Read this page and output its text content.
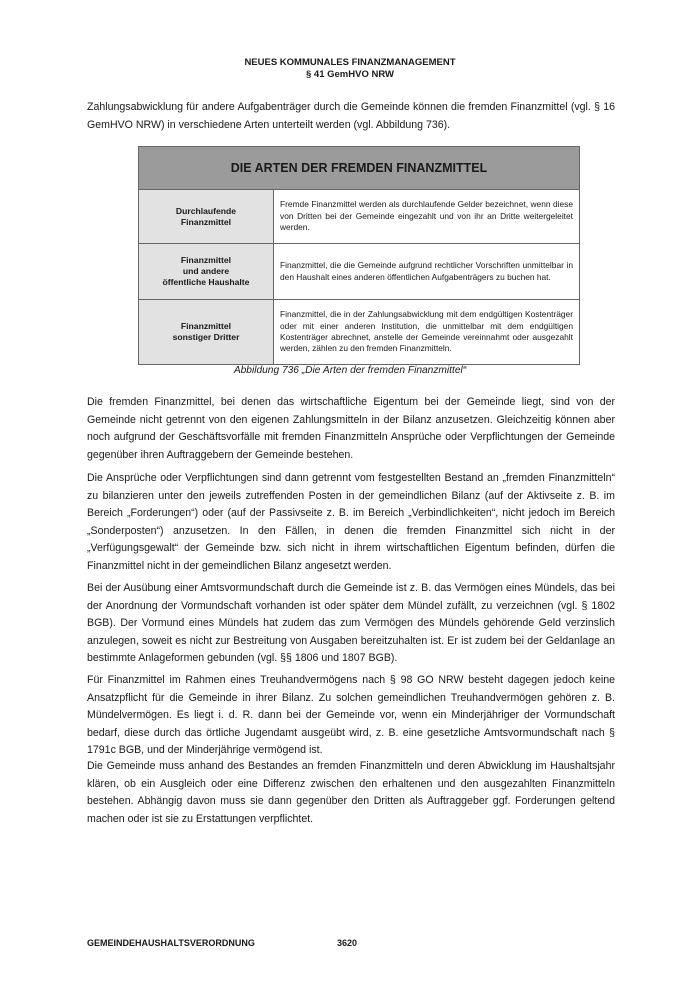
NEUES KOMMUNALES FINANZMANAGEMENT
§ 41 GemHVO NRW

Zahlungsabwicklung für andere Aufgabenträger durch die Gemeinde können die fremden Finanzmittel (vgl. § 16 GemHVO NRW) in verschiedene Arten unterteilt werden (vgl. Abbildung 736).

DIE ARTEN DER FREMDEN FINANZMITTEL	

Durchlaufende
Finanzmittel	Fremde Finanzmittel werden als durchlaufende Gelder bezeichnet, wenn diese von Dritten bei der Gemeinde eingezahlt und von ihr an Dritte weitergeleitet werden.

Finanzmittel
und andere
öffentliche Haushalte	Finanzmittel, die die Gemeinde aufgrund rechtlicher Vorschriften unmittelbar in den Haushalt eines anderen öffentlichen Aufgabenträgers zu buchen hat.

Finanzmittel
sonstiger Dritter	Finanzmittel, die in der Zahlungsabwicklung mit dem endgültigen Kostenträger oder mit einer anderen Institution, die unmittelbar mit dem endgültigen Kostenträger abrechnet, anstelle der Gemeinde vereinnahmt oder ausgezahlt werden, zählen zu den fremden Finanzmitteln.
Abbildung 736 „Die Arten der fremden Finanzmittel“

Die fremden Finanzmittel, bei denen das wirtschaftliche Eigentum bei der Gemeinde liegt, sind von der Gemeinde nicht getrennt von den eigenen Zahlungsmitteln in der Bilanz anzusetzen. Gleichzeitig können aber noch aufgrund der Geschäftsvorfälle mit fremden Finanzmitteln Ansprüche oder Verpflichtungen der Gemeinde gegenüber ihren Auftraggebern der Gemeinde bestehen.

Die Ansprüche oder Verpflichtungen sind dann getrennt vom festgestellten Bestand an „fremden Finanzmitteln“ zu bilanzieren unter den jeweils zutreffenden Posten in der gemeindlichen Bilanz (auf der Aktivseite z. B. im Bereich „Forderungen“) oder (auf der Passivseite z. B. im Bereich „Verbindlichkeiten“, nicht jedoch im Bereich „Sonderposten“) anzusetzen. In den Fällen, in denen die fremden Finanzmittel sich nicht in der „Verfügungsgewalt“ der Gemeinde bzw. sich nicht in ihrem wirtschaftlichen Eigentum befinden, dürfen die Finanzmittel nicht in der gemeindlichen Bilanz angesetzt werden.

Bei der Ausübung einer Amtsvormundschaft durch die Gemeinde ist z. B. das Vermögen eines Mündels, das bei der Anordnung der Vormundschaft vorhanden ist oder später dem Mündel zufällt, zu verzeichnen (vgl. § 1802 BGB). Der Vormund eines Mündels hat zudem das zum Vermögen des Mündels gehörende Geld verzinslich anzulegen, soweit es nicht zur Bestreitung von Ausgaben bereitzuhalten ist. Er ist zudem bei der Geldanlage an bestimmte Anlageformen gebunden (vgl. §§ 1806 und 1807 BGB).

Für Finanzmittel im Rahmen eines Treuhandvermögens nach § 98 GO NRW besteht dagegen jedoch keine Ansatzpflicht für die Gemeinde in ihrer Bilanz. Zu solchen gemeindlichen Treuhandvermögen gehören z. B. Mündelvermögen. Es liegt i. d. R. dann bei der Gemeinde vor, wenn ein Minderjähriger der Vormundschaft bedarf, diese durch das örtliche Jugendamt ausgeübt wird, z. B. eine gesetzliche Amtsvormundschaft nach § 1791c BGB, und der Minderjährige vermögend ist.

Die Gemeinde muss anhand des Bestandes an fremden Finanzmitteln und deren Abwicklung im Haushaltsjahr klären, ob ein Ausgleich oder eine Differenz zwischen den erhaltenen und den ausgezahlten Finanzmitteln bestehen. Abhängig davon muss sie dann gegenüber den Dritten als Auftraggeber ggf. Forderungen geltend machen oder ist sie zu Erstattungen verpflichtet.

GEMEINDEHAUSHALTSVERORDNUNG	3620
